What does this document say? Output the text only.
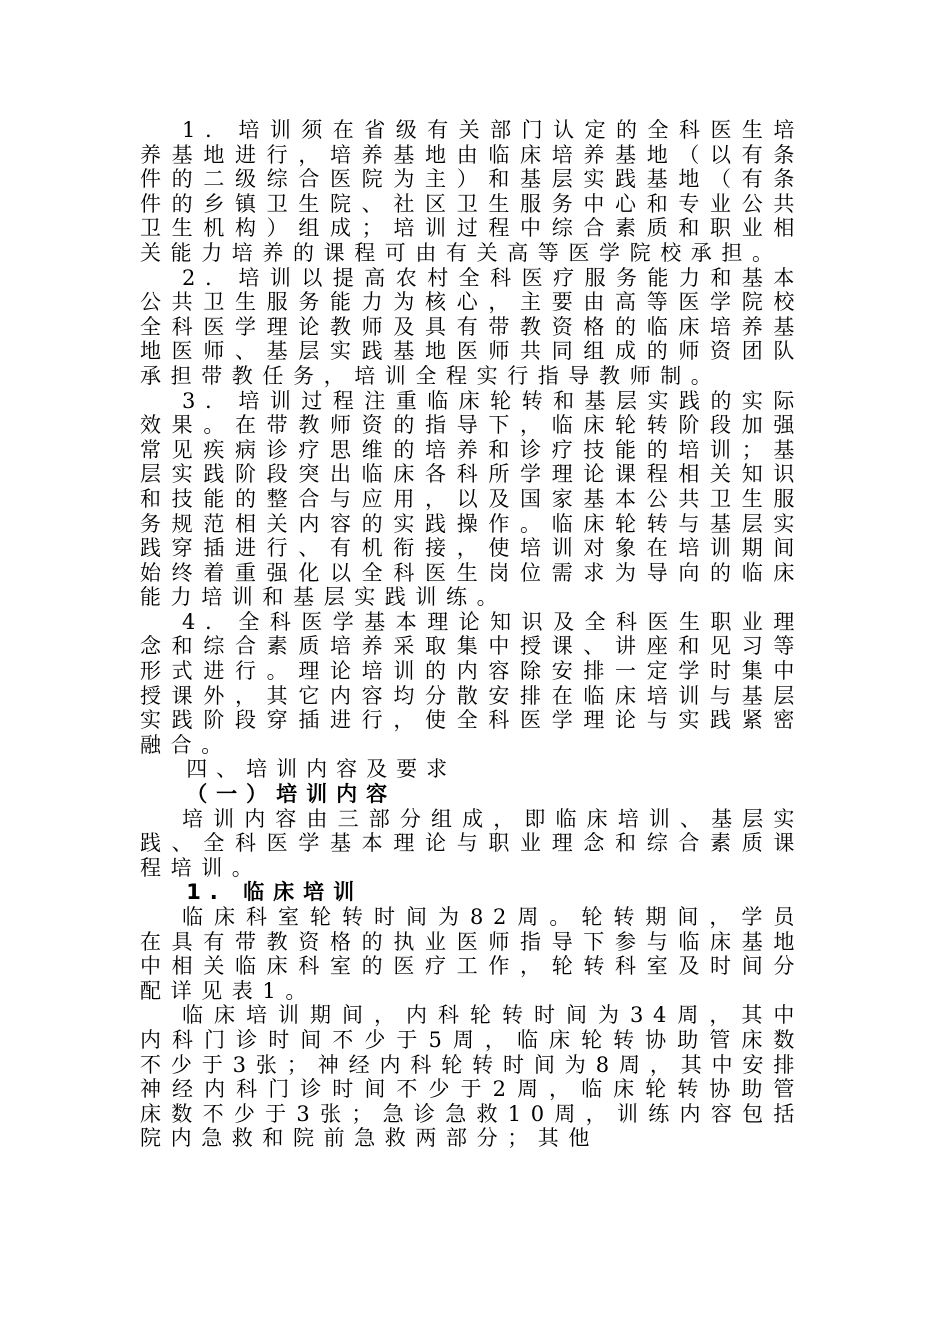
1. 培训须在省级有关部门认定的全科医生培养基地进行，培养基地由临床培养基地（以有条件的二级综合医院为主）和基层实践基地（有条件的乡镇卫生院、社区卫生服务中心和专业公共卫生机构）组成；培训过程中综合素质和职业相关能力培养的课程可由有关高等医学院校承担。

2. 培训以提高农村全科医疗服务能力和基本公共卫生服务能力为核心，主要由高等医学院校全科医学理论教师及具有带教资格的临床培养基地医师、基层实践基地医师共同组成的师资团队承担带教任务，培训全程实行指导教师制。

3. 培训过程注重临床轮转和基层实践的实际效果。在带教师资的指导下，临床轮转阶段加强常见疾病诊疗思维的培养和诊疗技能的培训；基层实践阶段突出临床各科所学理论课程相关知识和技能的整合与应用，以及国家基本公共卫生服务规范相关内容的实践操作。临床轮转与基层实践穿插进行、有机衔接，使培训对象在培训期间始终着重强化以全科医生岗位需求为导向的临床能力培训和基层实践训练。

4. 全科医学基本理论知识及全科医生职业理念和综合素质培养采取集中授课、讲座和见习等形式进行。理论培训的内容除安排一定学时集中授课外，其它内容均分散安排在临床培训与基层实践阶段穿插进行，使全科医学理论与实践紧密融合。

四、培训内容及要求

（一）培训内容

培训内容由三部分组成，即临床培训、基层实践、全科医学基本理论与职业理念和综合素质课程培训。

1. 临床培训

临床科室轮转时间为82周。轮转期间，学员在具有带教资格的执业医师指导下参与临床基地中相关临床科室的医疗工作，轮转科室及时间分配详见表1。

临床培训期间，内科轮转时间为34周，其中内科门诊时间不少于5周，临床轮转协助管床数不少于3张；神经内科轮转时间为8周，其中安排神经内科门诊时间不少于2周，临床轮转协助管床数不少于3张；急诊急救10周，训练内容包括院内急救和院前急救两部分；其他
